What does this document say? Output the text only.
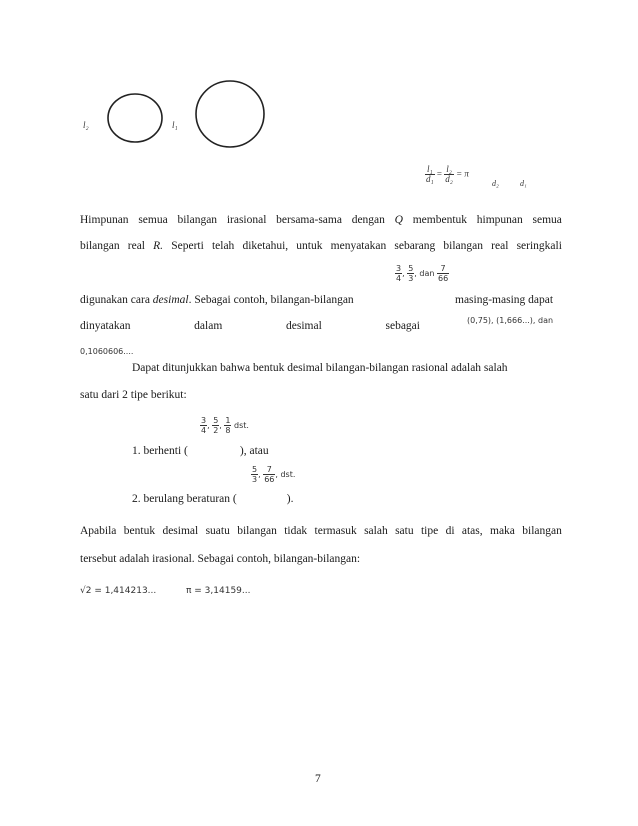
l₂	l₁
$\frac{\text{l₁}}{\text{d₁}} = \frac{\text{l₂}}{\text{d₂}} = \pi$
d₂	d₁
Himpunan semua bilangan irasional bersama-sama dengan Q membentuk himpunan semua
bilangan real R. Seperti telah diketahui, untuk menyatakan sebarang bilangan real seringkali
$\frac{3}{4}$ , $\frac{5}{3}$ , dan $\frac{7}{66}$
digunakan cara desimal. Sebagai contoh, bilangan-bilangan	masing-masing dapat
dinyatakan	dalam	desimal	sebagai	(0,75), (1,666...), dan
0,1060606....
Dapat ditunjukkan bahwa bentuk desimal bilangan-bilangan rasional adalah salah
satu dari 2 tipe berikut:
$\frac{3}{4}$ , $\frac{5}{2}$ , $\frac{1}{8}$ dst.
1. berhenti (	), atau
$\frac{5}{3}$ , $\frac{7}{66}$ , dst.
2. berulang beraturan (	).
Apabila bentuk desimal suatu bilangan tidak termasuk salah satu tipe di atas, maka bilangan
tersebut adalah irasional. Sebagai contoh, bilangan-bilangan:
√2 = 1,414213...	π = 3,14159...
7
